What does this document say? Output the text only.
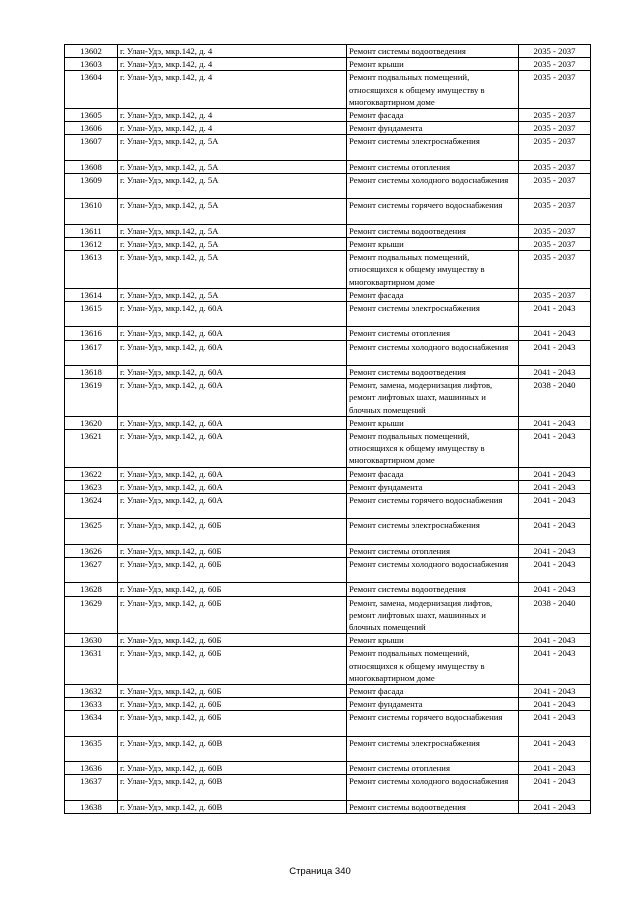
13602	г. Улан-Удэ, мкр.142, д. 4	Ремонт системы водоотведения	2035 - 2037
13603	г. Улан-Удэ, мкр.142, д. 4	Ремонт крыши	2035 - 2037
13604	г. Улан-Удэ, мкр.142, д. 4	Ремонт подвальных помещений, относящихся к общему имуществу в многоквартирном доме	2035 - 2037
13605	г. Улан-Удэ, мкр.142, д. 4	Ремонт фасада	2035 - 2037
13606	г. Улан-Удэ, мкр.142, д. 4	Ремонт фундамента	2035 - 2037
13607	г. Улан-Удэ, мкр.142, д. 5А	Ремонт системы электроснабжения	2035 - 2037
13608	г. Улан-Удэ, мкр.142, д. 5А	Ремонт системы отопления	2035 - 2037
13609	г. Улан-Удэ, мкр.142, д. 5А	Ремонт системы холодного водоснабжения	2035 - 2037
13610	г. Улан-Удэ, мкр.142, д. 5А	Ремонт системы горячего водоснабжения	2035 - 2037
13611	г. Улан-Удэ, мкр.142, д. 5А	Ремонт системы водоотведения	2035 - 2037
13612	г. Улан-Удэ, мкр.142, д. 5А	Ремонт крыши	2035 - 2037
13613	г. Улан-Удэ, мкр.142, д. 5А	Ремонт подвальных помещений, относящихся к общему имуществу в многоквартирном доме	2035 - 2037
13614	г. Улан-Удэ, мкр.142, д. 5А	Ремонт фасада	2035 - 2037
13615	г. Улан-Удэ, мкр.142, д. 60А	Ремонт системы электроснабжения	2041 - 2043
13616	г. Улан-Удэ, мкр.142, д. 60А	Ремонт системы отопления	2041 - 2043
13617	г. Улан-Удэ, мкр.142, д. 60А	Ремонт системы холодного водоснабжения	2041 - 2043
13618	г. Улан-Удэ, мкр.142, д. 60А	Ремонт системы водоотведения	2041 - 2043
13619	г. Улан-Удэ, мкр.142, д. 60А	Ремонт, замена, модернизация лифтов, ремонт лифтовых шахт, машинных и блочных помещений	2038 - 2040
13620	г. Улан-Удэ, мкр.142, д. 60А	Ремонт крыши	2041 - 2043
13621	г. Улан-Удэ, мкр.142, д. 60А	Ремонт подвальных помещений, относящихся к общему имуществу в многоквартирном доме	2041 - 2043
13622	г. Улан-Удэ, мкр.142, д. 60А	Ремонт фасада	2041 - 2043
13623	г. Улан-Удэ, мкр.142, д. 60А	Ремонт фундамента	2041 - 2043
13624	г. Улан-Удэ, мкр.142, д. 60А	Ремонт системы горячего водоснабжения	2041 - 2043
13625	г. Улан-Удэ, мкр.142, д. 60Б	Ремонт системы электроснабжения	2041 - 2043
13626	г. Улан-Удэ, мкр.142, д. 60Б	Ремонт системы отопления	2041 - 2043
13627	г. Улан-Удэ, мкр.142, д. 60Б	Ремонт системы холодного водоснабжения	2041 - 2043
13628	г. Улан-Удэ, мкр.142, д. 60Б	Ремонт системы водоотведения	2041 - 2043
13629	г. Улан-Удэ, мкр.142, д. 60Б	Ремонт, замена, модернизация лифтов, ремонт лифтовых шахт, машинных и блочных помещений	2038 - 2040
13630	г. Улан-Удэ, мкр.142, д. 60Б	Ремонт крыши	2041 - 2043
13631	г. Улан-Удэ, мкр.142, д. 60Б	Ремонт подвальных помещений, относящихся к общему имуществу в многоквартирном доме	2041 - 2043
13632	г. Улан-Удэ, мкр.142, д. 60Б	Ремонт фасада	2041 - 2043
13633	г. Улан-Удэ, мкр.142, д. 60Б	Ремонт фундамента	2041 - 2043
13634	г. Улан-Удэ, мкр.142, д. 60Б	Ремонт системы горячего водоснабжения	2041 - 2043
13635	г. Улан-Удэ, мкр.142, д. 60В	Ремонт системы электроснабжения	2041 - 2043
13636	г. Улан-Удэ, мкр.142, д. 60В	Ремонт системы отопления	2041 - 2043
13637	г. Улан-Удэ, мкр.142, д. 60В	Ремонт системы холодного водоснабжения	2041 - 2043
13638	г. Улан-Удэ, мкр.142, д. 60В	Ремонт системы водоотведения	2041 - 2043
Страница 340
